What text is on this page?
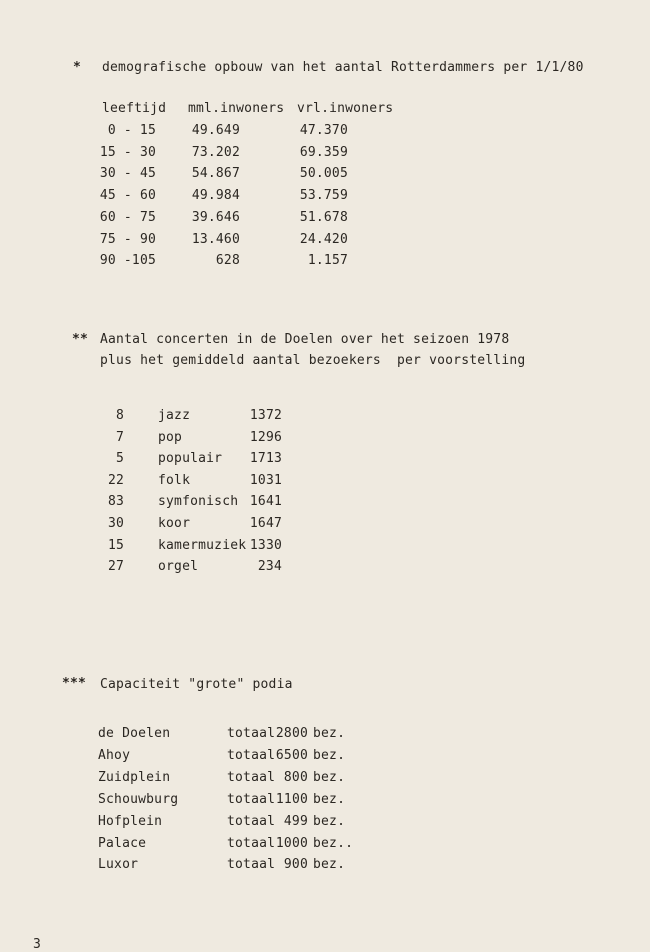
* demografische opbouw van het aantal Rotterdammers per 1/1/80
leeftijd mml.inwoners vrl.inwoners
0 - 15	49.649	47.370
15 - 30	73.202	69.359
30 - 45	54.867	50.005
45 - 60	49.984	53.759
60 - 75	39.646	51.678
75 - 90	13.460	24.420
90 -105	628	1.157
** Aantal concerten in de Doelen over het seizoen 1978
plus het gemiddeld aantal bezoekers  per voorstelling
8	jazz	1372
7	pop	1296
5	populair	1713
22	folk	1031
83	symfonisch 1641
30	koor	1647
15	kamermuziek 1330
27	orgel	234
*** Capaciteit "grote" podia
de Doelen	totaal 2800 bez.
Ahoy	totaal 6500 bez.
Zuidplein	totaal 800 bez.
Schouwburg	totaal 1100 bez.
Hofplein	totaal 499 bez.
Palace	totaal 1000 bez..
Luxor	totaal 900 bez.
3
